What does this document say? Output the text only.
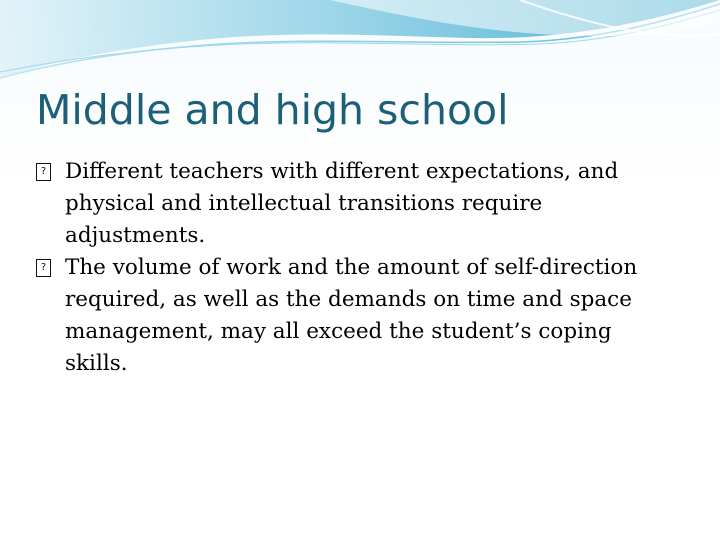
Middle and high school
? Different teachers with different expectations, and physical and intellectual transitions require adjustments.
? The volume of work and the amount of self-direction required, as well as the demands on time and space management, may all exceed the student’s coping skills.
